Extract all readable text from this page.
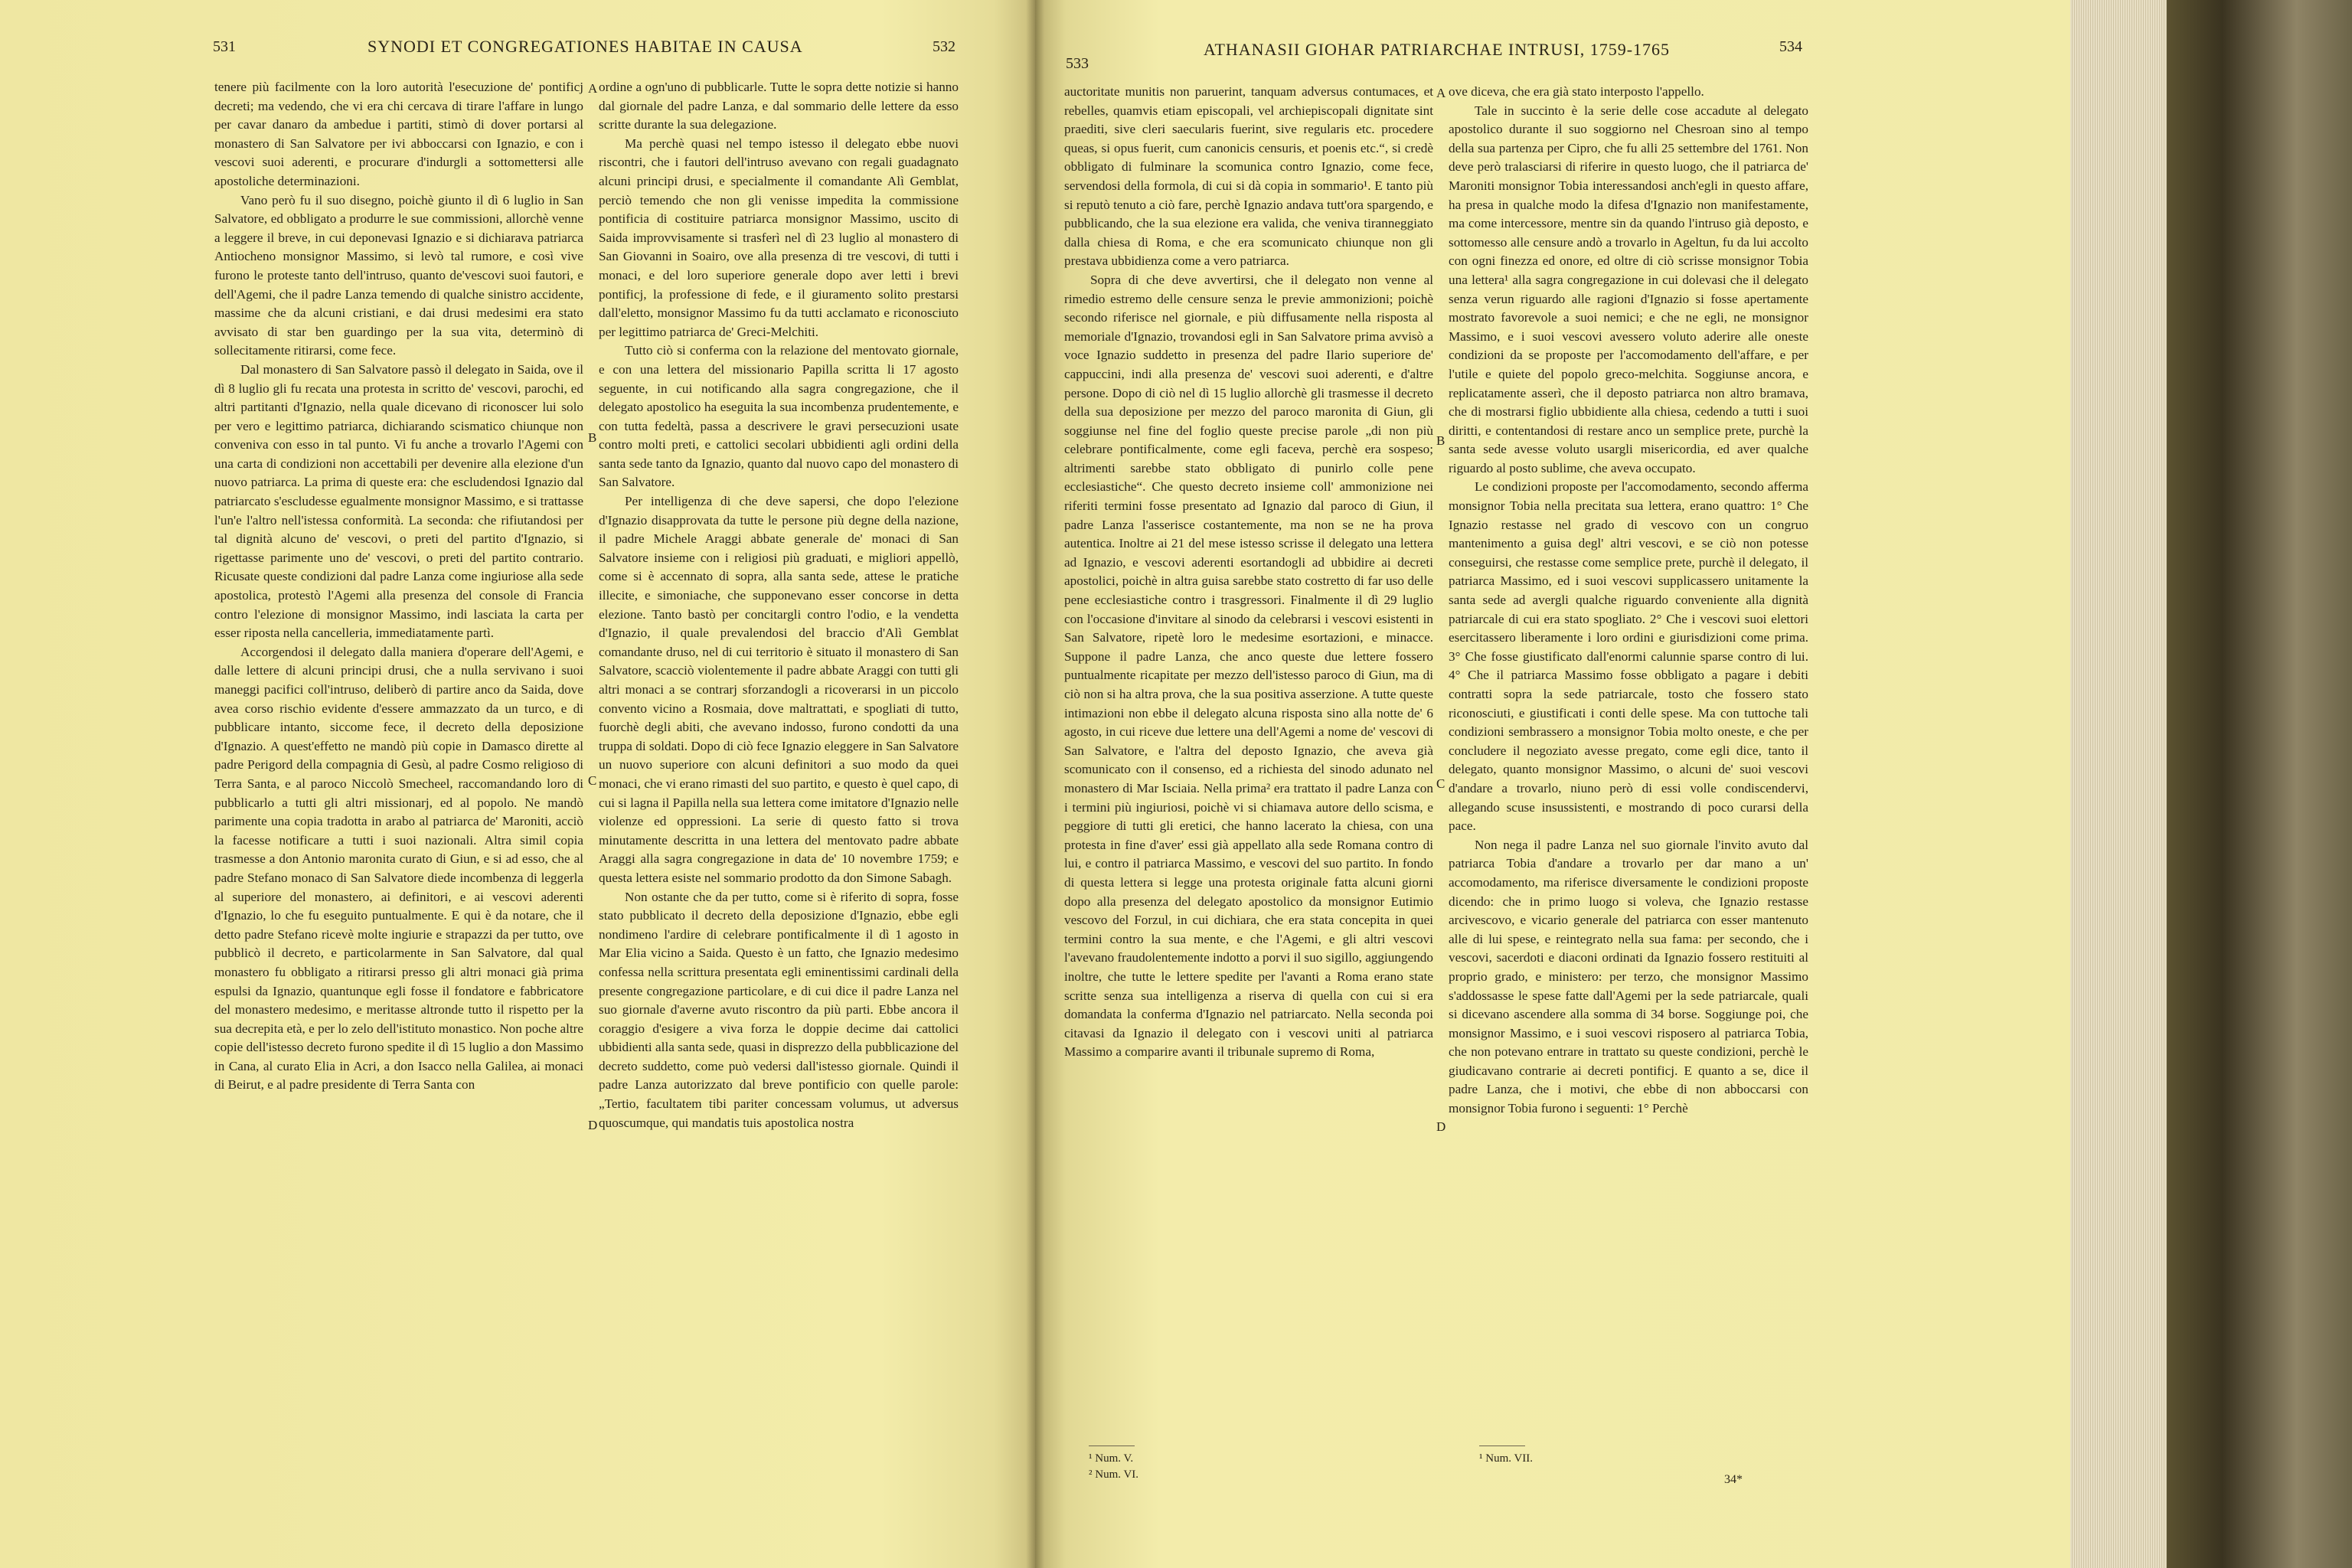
531	SYNODI ET CONGREGATIONES HABITAE IN CAUSA	532

tenere più facilmente con la loro autorità l'esecuzione de' pontificj decreti; ma vedendo, che vi era chi cercava di tirare l'affare in lungo per cavar danaro da ambedue i partiti, stimò di dover portarsi al monastero di San Salvatore per ivi abboccarsi con Ignazio, e con i vescovi suoi aderenti, e procurare d'indurgli a sottomettersi alle apostoliche determinazioni.

Vano però fu il suo disegno, poichè giunto il dì 6 luglio in San Salvatore, ed obbligato a produrre le sue commissioni, allorchè venne a leggere il breve, in cui deponevasi Ignazio e si dichiarava patriarca Antiocheno monsignor Massimo, si levò tal rumore, e così vive furono le proteste tanto dell'intruso, quanto de'vescovi suoi fautori, e dell'Agemi, che il padre Lanza temendo di qualche sinistro accidente, massime che da alcuni cristiani, e dai drusi medesimi era stato avvisato di star ben guardingo per la sua vita, determinò di sollecitamente ritirarsi, come fece.

Dal monastero di San Salvatore passò il delegato in Saida, ove il dì 8 luglio gli fu recata una protesta in scritto de' vescovi, parochi, ed altri partitanti d'Ignazio, nella quale dicevano di riconoscer lui solo per vero e legittimo patriarca, dichiarando scismatico chiunque non conveniva con esso in tal punto. Vi fu anche a trovarlo l'Agemi con una carta di condizioni non accettabili per devenire alla elezione d'un nuovo patriarca. La prima di queste era: che escludendosi Ignazio dal patriarcato s'escludesse egualmente monsignor Massimo, e si trattasse l'un'e l'altro nell'istessa conformità. La seconda: che rifiutandosi per tal dignità alcuno de' vescovi, o preti del partito d'Ignazio, si rigettasse parimente uno de' vescovi, o preti del partito contrario. Ricusate queste condizioni dal padre Lanza come ingiuriose alla sede apostolica, protestò l'Agemi alla presenza del console di Francia contro l'elezione di monsignor Massimo, indi lasciata la carta per esser riposta nella cancelleria, immediatamente partì.

Accorgendosi il delegato dalla maniera d'operare dell'Agemi, e dalle lettere di alcuni principi drusi, che a nulla servivano i suoi maneggi pacifici coll'intruso, deliberò di partire anco da Saida, dove avea corso rischio evidente d'essere ammazzato da un turco, e di pubblicare intanto, siccome fece, il decreto della deposizione d'Ignazio. A quest'effetto ne mandò più copie in Damasco dirette al padre Perigord della compagnia di Gesù, al padre Cosmo religioso di Terra Santa, e al paroco Niccolò Smecheel, raccomandando loro di pubblicarlo a tutti gli altri missionarj, ed al popolo. Ne mandò parimente una copia tradotta in arabo al patriarca de' Maroniti, acciò la facesse notificare a tutti i suoi nazionali. Altra simil copia trasmesse a don Antonio maronita curato di Giun, e si ad esso, che al padre Stefano monaco di San Salvatore diede incombenza di leggerla al superiore del monastero, ai definitori, e ai vescovi aderenti d'Ignazio, lo che fu eseguito puntualmente. E qui è da notare, che il detto padre Stefano ricevè molte ingiurie e strapazzi da per tutto, ove pubblicò il decreto, e particolarmente in San Salvatore, dal qual monastero fu obbligato a ritirarsi presso gli altri monaci già prima espulsi da Ignazio, quantunque egli fosse il fondatore e fabbricatore del monastero medesimo, e meritasse altronde tutto il rispetto per la sua decrepita età, e per lo zelo dell'istituto monastico. Non poche altre copie dell'istesso decreto furono spedite il dì 15 luglio a don Massimo in Cana, al curato Elia in Acri, a don Isacco nella Galilea, ai monaci di Beirut, e al padre presidente di Terra Santa con

A
B
C
D

ordine a ogn'uno di pubblicarle. Tutte le sopra dette notizie si hanno dal giornale del padre Lanza, e dal sommario delle lettere da esso scritte durante la sua delegazione.

Ma perchè quasi nel tempo istesso il delegato ebbe nuovi riscontri, che i fautori dell'intruso avevano con regali guadagnato alcuni principi drusi, e specialmente il comandante Alì Gemblat, perciò temendo che non gli venisse impedita la commissione pontificia di costituire patriarca monsignor Massimo, uscito di Saida improvvisamente si trasferì nel dì 23 luglio al monastero di San Giovanni in Soairo, ove alla presenza di tre vescovi, di tutti i monaci, e del loro superiore generale dopo aver letti i brevi pontificj, la professione di fede, e il giuramento solito prestarsi dall'eletto, monsignor Massimo fu da tutti acclamato e riconosciuto per legittimo patriarca de' Greci-Melchiti.

Tutto ciò si conferma con la relazione del mentovato giornale, e con una lettera del missionario Papilla scritta li 17 agosto seguente, in cui notificando alla sagra congregazione, che il delegato apostolico ha eseguita la sua incombenza prudentemente, e con tutta fedeltà, passa a descrivere le gravi persecuzioni usate contro molti preti, e cattolici secolari ubbidienti agli ordini della santa sede tanto da Ignazio, quanto dal nuovo capo del monastero di San Salvatore.

Per intelligenza di che deve sapersi, che dopo l'elezione d'Ignazio disapprovata da tutte le persone più degne della nazione, il padre Michele Araggi abbate generale de' monaci di San Salvatore insieme con i religiosi più graduati, e migliori appellò, come si è accennato di sopra, alla santa sede, attese le pratiche illecite, e simoniache, che supponevano esser concorse in detta elezione. Tanto bastò per concitargli contro l'odio, e la vendetta d'Ignazio, il quale prevalendosi del braccio d'Alì Gemblat comandante druso, nel di cui territorio è situato il monastero di San Salvatore, scacciò violentemente il padre abbate Araggi con tutti gli altri monaci a se contrarj sforzandogli a ricoverarsi in un piccolo convento vicino a Rosmaia, dove maltrattati, e spogliati di tutto, fuorchè degli abiti, che avevano indosso, furono condotti da una truppa di soldati. Dopo di ciò fece Ignazio eleggere in San Salvatore un nuovo superiore con alcuni definitori a suo modo da quei monaci, che vi erano rimasti del suo partito, e questo è quel capo, di cui si lagna il Papilla nella sua lettera come imitatore d'Ignazio nelle violenze ed oppressioni. La serie di questo fatto si trova minutamente descritta in una lettera del mentovato padre abbate Araggi alla sagra congregazione in data de' 10 novembre 1759; e questa lettera esiste nel sommario prodotto da don Simone Sabagh.

Non ostante che da per tutto, come si è riferito di sopra, fosse stato pubblicato il decreto della deposizione d'Ignazio, ebbe egli nondimeno l'ardire di celebrare pontificalmente il dì 1 agosto in Mar Elia vicino a Saida. Questo è un fatto, che Ignazio medesimo confessa nella scrittura presentata egli eminentissimi cardinali della presente congregazione particolare, e di cui dice il padre Lanza nel suo giornale d'averne avuto riscontro da più parti. Ebbe ancora il coraggio d'esigere a viva forza le doppie decime dai cattolici ubbidienti alla santa sede, quasi in disprezzo della pubblicazione del decreto suddetto, come può vedersi dall'istesso giornale. Quindi il padre Lanza autorizzato dal breve pontificio con quelle parole: „Tertio, facultatem tibi pariter concessam volumus, ut adversus quoscumque, qui mandatis tuis apostolica nostra

533
ATHANASII GIOHAR PATRIARCHAE INTRUSI, 1759-1765	534

auctoritate munitis non paruerint, tanquam adversus contumaces, et rebelles, quamvis etiam episcopali, vel archiepiscopali dignitate sint praediti, sive cleri saecularis fuerint, sive regularis etc. procedere queas, si opus fuerit, cum canonicis censuris, et poenis etc.“, si credè obbligato di fulminare la scomunica contro Ignazio, come fece, servendosi della formola, di cui si dà copia in sommario¹. E tanto più si reputò tenuto a ciò fare, perchè Ignazio andava tutt'ora spargendo, e pubblicando, che la sua elezione era valida, che veniva tiranneggiato dalla chiesa di Roma, e che era scomunicato chiunque non gli prestava ubbidienza come a vero patriarca.

Sopra di che deve avvertirsi, che il delegato non venne al rimedio estremo delle censure senza le previe ammonizioni; poichè secondo riferisce nel giornale, e più diffusamente nella risposta al memoriale d'Ignazio, trovandosi egli in San Salvatore prima avvisò a voce Ignazio suddetto in presenza del padre Ilario superiore de' cappuccini, indi alla presenza de' vescovi suoi aderenti, e d'altre persone. Dopo di ciò nel dì 15 luglio allorchè gli trasmesse il decreto della sua deposizione per mezzo del paroco maronita di Giun, gli soggiunse nel fine del foglio queste precise parole „di non più celebrare pontificalmente, come egli faceva, perchè era sospeso; altrimenti sarebbe stato obbligato di punirlo colle pene ecclesiastiche“. Che questo decreto insieme coll' ammonizione nei riferiti termini fosse presentato ad Ignazio dal paroco di Giun, il padre Lanza l'asserisce costantemente, ma non se ne ha prova autentica. Inoltre ai 21 del mese istesso scrisse il delegato una lettera ad Ignazio, e vescovi aderenti esortandogli ad ubbidire ai decreti apostolici, poichè in altra guisa sarebbe stato costretto di far uso delle pene ecclesiastiche contro i trasgressori. Finalmente il dì 29 luglio con l'occasione d'invitare al sinodo da celebrarsi i vescovi esistenti in San Salvatore, ripetè loro le medesime esortazioni, e minacce. Suppone il padre Lanza, che anco queste due lettere fossero puntualmente ricapitate per mezzo dell'istesso paroco di Giun, ma di ciò non si ha altra prova, che la sua positiva asserzione. A tutte queste intimazioni non ebbe il delegato alcuna risposta sino alla notte de' 6 agosto, in cui riceve due lettere una dell'Agemi a nome de' vescovi di San Salvatore, e l'altra del deposto Ignazio, che aveva già scomunicato con il consenso, ed a richiesta del sinodo adunato nel monastero di Mar Isciaia. Nella prima² era trattato il padre Lanza con i termini più ingiuriosi, poichè vi si chiamava autore dello scisma, e peggiore di tutti gli eretici, che hanno lacerato la chiesa, con una protesta in fine d'aver' essi già appellato alla sede Romana contro di lui, e contro il patriarca Massimo, e vescovi del suo partito. In fondo di questa lettera si legge una protesta originale fatta alcuni giorni dopo alla presenza del delegato apostolico da monsignor Eutimio vescovo del Forzul, in cui dichiara, che era stata concepita in quei termini contro la sua mente, e che l'Agemi, e gli altri vescovi l'avevano fraudolentemente indotto a porvi il suo sigillo, aggiungendo inoltre, che tutte le lettere spedite per l'avanti a Roma erano state scritte senza sua intelligenza a riserva di quella con cui si era domandata la conferma d'Ignazio nel patriarcato. Nella seconda poi citavasi da Ignazio il delegato con i vescovi uniti al patriarca Massimo a comparire avanti il tribunale supremo di Roma,

A
B
C
D

ove diceva, che era già stato interposto l'appello.

Tale in succinto è la serie delle cose accadute al delegato apostolico durante il suo soggiorno nel Chesroan sino al tempo della sua partenza per Cipro, che fu alli 25 settembre del 1761. Non deve però tralasciarsi di riferire in questo luogo, che il patriarca de' Maroniti monsignor Tobia interessandosi anch'egli in questo affare, ha presa in qualche modo la difesa d'Ignazio non manifestamente, ma come intercessore, mentre sin da quando l'intruso già deposto, e sottomesso alle censure andò a trovarlo in Ageltun, fu da lui accolto con ogni finezza ed onore, ed oltre di ciò scrisse monsignor Tobia una lettera¹ alla sagra congregazione in cui dolevasi che il delegato senza verun riguardo alle ragioni d'Ignazio si fosse apertamente mostrato favorevole a suoi nemici; e che ne egli, ne monsignor Massimo, e i suoi vescovi avessero voluto aderire alle oneste condizioni da se proposte per l'accomodamento dell'affare, e per l'utile e quiete del popolo greco-melchita. Soggiunse ancora, e replicatamente asserì, che il deposto patriarca non altro bramava, che di mostrarsi figlio ubbidiente alla chiesa, cedendo a tutti i suoi diritti, e contentandosi di restare anco un semplice prete, purchè la santa sede avesse voluto usargli misericordia, ed aver qualche riguardo al posto sublime, che aveva occupato.

Le condizioni proposte per l'accomodamento, secondo afferma monsignor Tobia nella precitata sua lettera, erano quattro: 1° Che Ignazio restasse nel grado di vescovo con un congruo mantenimento a guisa degl' altri vescovi, e se ciò non potesse conseguirsi, che restasse come semplice prete, purchè il delegato, il patriarca Massimo, ed i suoi vescovi supplicassero unitamente la santa sede ad avergli qualche riguardo conveniente alla dignità patriarcale di cui era stato spogliato. 2° Che i vescovi suoi elettori esercitassero liberamente i loro ordini e giurisdizioni come prima. 3° Che fosse giustificato dall'enormi calunnie sparse contro di lui. 4° Che il patriarca Massimo fosse obbligato a pagare i debiti contratti sopra la sede patriarcale, tosto che fossero stato riconosciuti, e giustificati i conti delle spese. Ma con tuttoche tali condizioni sembrassero a monsignor Tobia molto oneste, e che per concludere il negoziato avesse pregato, come egli dice, tanto il delegato, quanto monsignor Massimo, o alcuni de' suoi vescovi d'andare a trovarlo, niuno però di essi volle condiscendervi, allegando scuse insussistenti, e mostrando di poco curarsi della pace.

Non nega il padre Lanza nel suo giornale l'invito avuto dal patriarca Tobia d'andare a trovarlo per dar mano a un' accomodamento, ma riferisce diversamente le condizioni proposte dicendo: che in primo luogo si voleva, che Ignazio restasse arcivescovo, e vicario generale del patriarca con esser mantenuto alle di lui spese, e reintegrato nella sua fama: per secondo, che i vescovi, sacerdoti e diaconi ordinati da Ignazio fossero restituiti al proprio grado, e ministero: per terzo, che monsignor Massimo s'addossasse le spese fatte dall'Agemi per la sede patriarcale, quali si dicevano ascendere alla somma di 34 borse. Soggiunge poi, che monsignor Massimo, e i suoi vescovi risposero al patriarca Tobia, che non potevano entrare in trattato su queste condizioni, perchè le giudicavano contrarie ai decreti pontificj. E quanto a se, dice il padre Lanza, che i motivi, che ebbe di non abboccarsi con monsignor Tobia furono i seguenti: 1° Perchè

¹ Num. V.
² Num. VI.
¹ Num. VII.
34*
